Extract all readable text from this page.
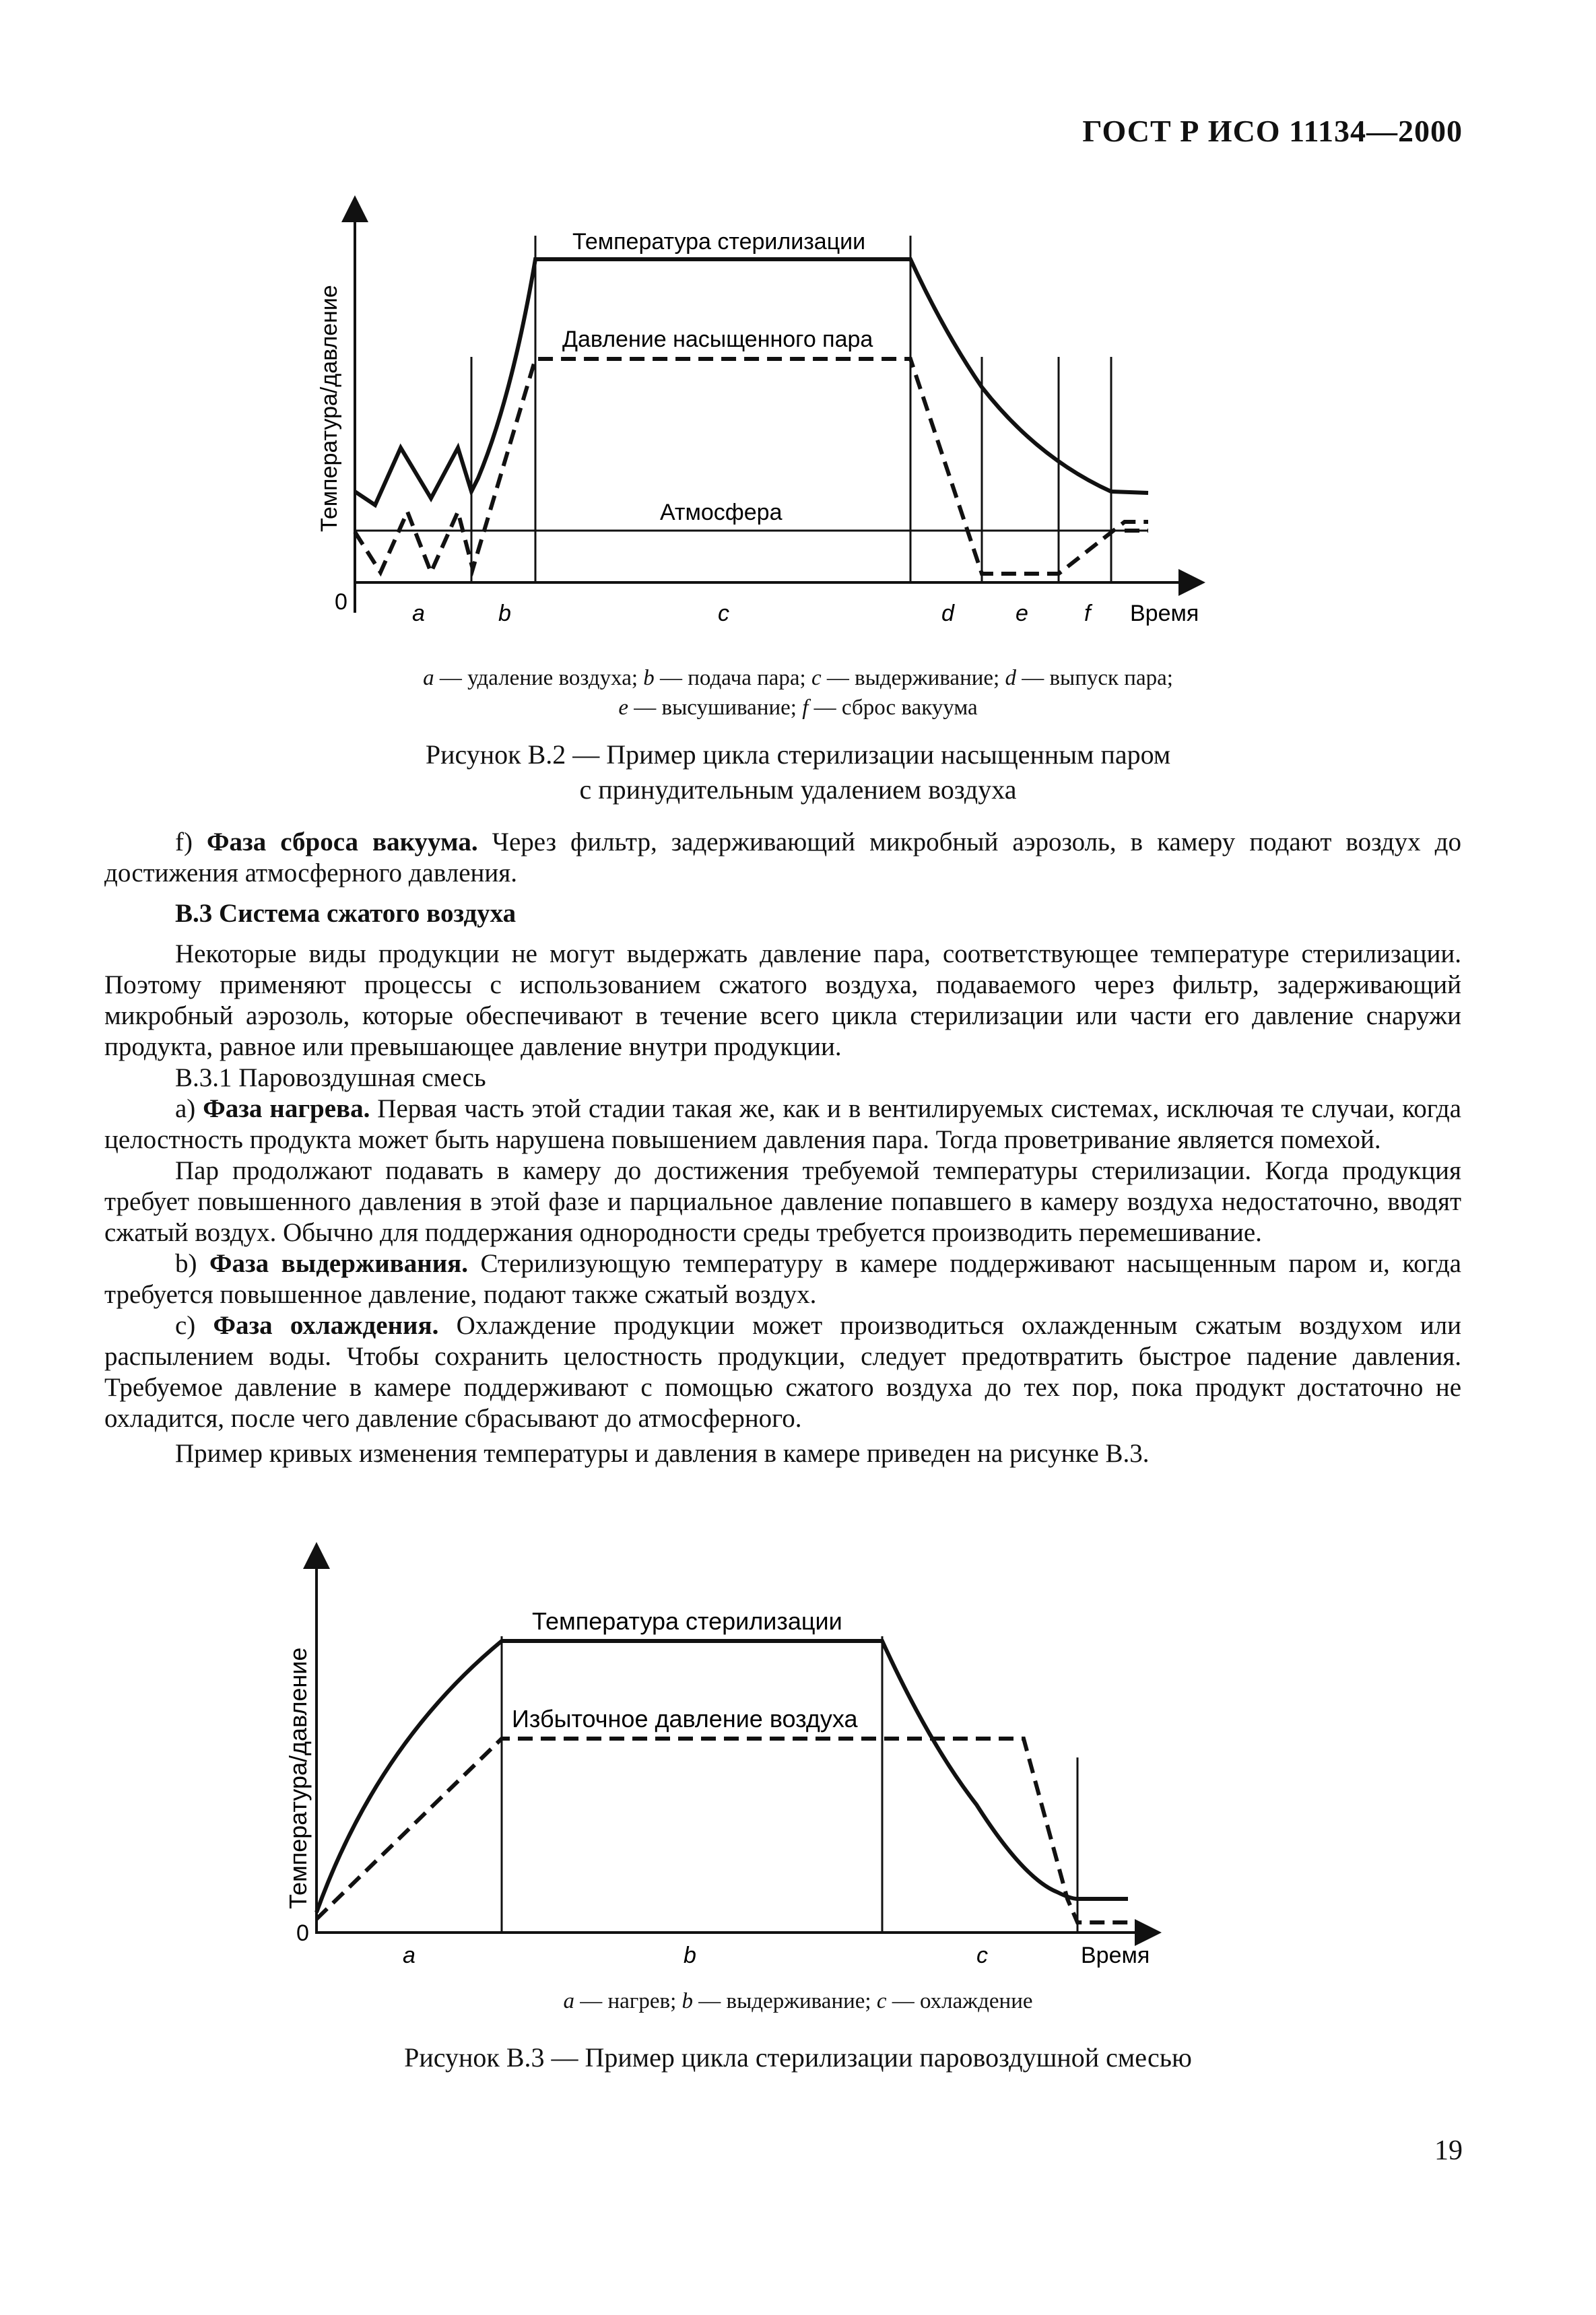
ГОСТ Р ИСО 11134—2000
Температура/давление
0
Температура стерилизации
Давление насыщенного пара
Атмосфера
Время
a	b	c	d	e f
a — удаление воздуха; b — подача пара; c — выдерживание; d — выпуск пара;
e — высушивание; f — сброс вакуума
Рисунок В.2 — Пример цикла стерилизации насыщенным паром
с принудительным удалением воздуха

f) Фаза сброса вакуума. Через фильтр, задерживающий микробный аэрозоль, в камеру подают воздух до достижения атмосферного давления.

В.3 Система сжатого воздуха

Некоторые виды продукции не могут выдержать давление пара, соответствующее температуре стерилизации. Поэтому применяют процессы с использованием сжатого воздуха, подаваемого через фильтр, задерживающий микробный аэрозоль, которые обеспечивают в течение всего цикла стерилизации или части его давление снаружи продукта, равное или превышающее давление внутри продукции.

В.3.1 Паровоздушная смесь

а) Фаза нагрева. Первая часть этой стадии такая же, как и в вентилируемых системах, исключая те случаи, когда целостность продукта может быть нарушена повышением давления пара. Тогда проветривание является помехой.

Пар продолжают подавать в камеру до достижения требуемой температуры стерилизации. Когда продукция требует повышенного давления в этой фазе и парциальное давление попавшего в камеру воздуха недостаточно, вводят сжатый воздух. Обычно для поддержания однородности среды требуется производить перемешивание.

b) Фаза выдерживания. Стерилизующую температуру в камере поддерживают насыщенным паром и, когда требуется повышенное давление, подают также сжатый воздух.

с) Фаза охлаждения. Охлаждение продукции может производиться охлажденным сжатым воздухом или распылением воды. Чтобы сохранить целостность продукции, следует предотвратить быстрое падение давления. Требуемое давление в камере поддерживают с помощью сжатого воздуха до тех пор, пока продукт достаточно не охладится, после чего давление сбрасывают до атмосферного.

Пример кривых изменения температуры и давления в камере приведен на рисунке В.3.

Температура/давление
0
Температура стерилизации
Избыточное давление воздуха
Время
a	b	c
a — нагрев; b — выдерживание; c — охлаждение
Рисунок В.3 — Пример цикла стерилизации паровоздушной смесью
19
